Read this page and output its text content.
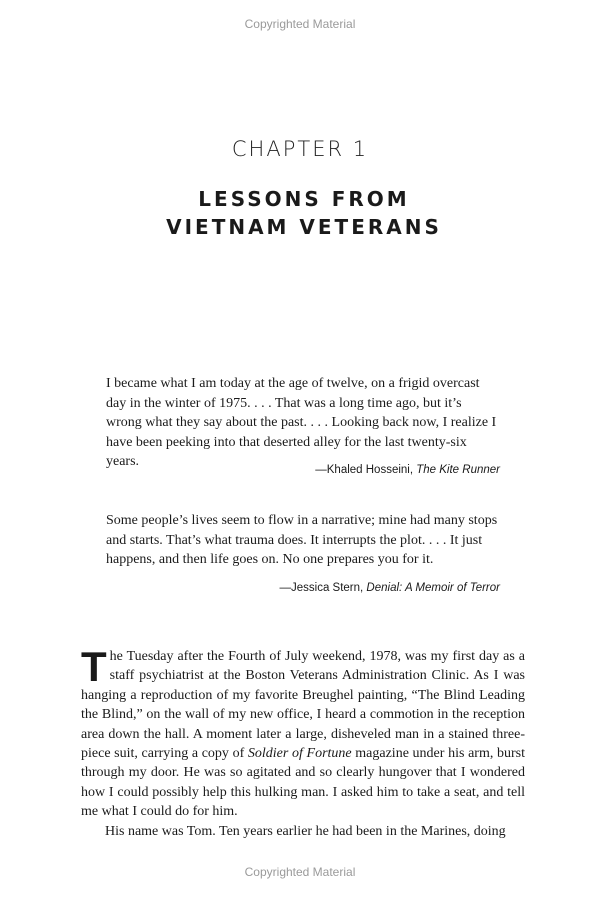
Copyrighted Material
CHAPTER 1
LESSONS FROM
VIETNAM VETERANS
I became what I am today at the age of twelve, on a frigid overcast day in the winter of 1975. . . . That was a long time ago, but it’s wrong what they say about the past. . . . Looking back now, I realize I have been peeking into that deserted alley for the last twenty-six years.
—Khaled Hosseini, The Kite Runner
Some people’s lives seem to flow in a narrative; mine had many stops and starts. That’s what trauma does. It interrupts the plot. . . . It just happens, and then life goes on. No one prepares you for it.
—Jessica Stern, Denial: A Memoir of Terror

The Tuesday after the Fourth of July weekend, 1978, was my first day as a staff psychiatrist at the Boston Veterans Administration Clinic. As I was hanging a reproduction of my favorite Breughel painting, “The Blind Leading the Blind,” on the wall of my new office, I heard a commotion in the reception area down the hall. A moment later a large, disheveled man in a stained three-piece suit, carrying a copy of Soldier of Fortune magazine under his arm, burst through my door. He was so agitated and so clearly hungover that I wondered how I could possibly help this hulking man. I asked him to take a seat, and tell me what I could do for him.

His name was Tom. Ten years earlier he had been in the Marines, doing

Copyrighted Material
